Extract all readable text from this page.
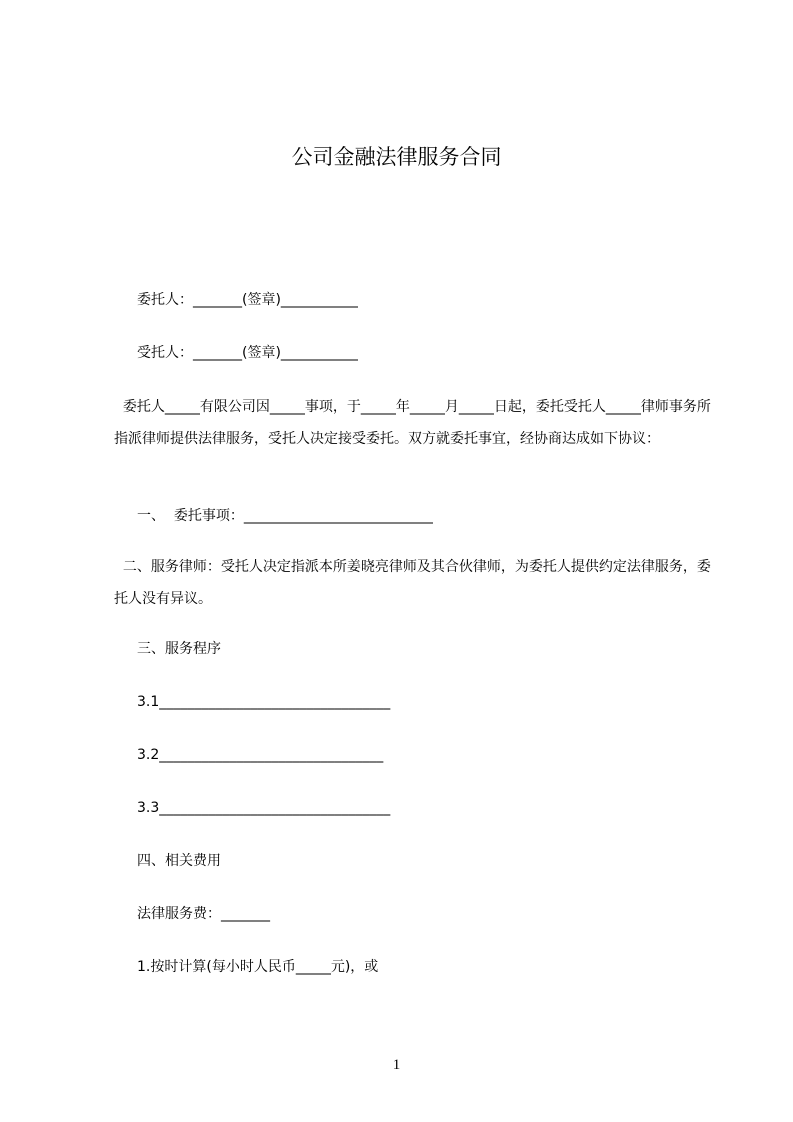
公司金融法律服务合同
委托人：_______(签章)___________
受托人：_______(签章)___________
委托人_____有限公司因_____事项，于_____年_____月_____日起，委托受托人_____律师事务所指派律师提供法律服务，受托人决定接受委托。双方就委托事宜，经协商达成如下协议：
一、  委托事项：___________________________
二、服务律师：受托人决定指派本所姜晓亮律师及其合伙律师，为委托人提供约定法律服务，委托人没有异议。
三、服务程序
3.1_________________________________
3.2________________________________
3.3_________________________________
四、相关费用
法律服务费：_______
1.按时计算(每小时人民币_____元)，或
1
